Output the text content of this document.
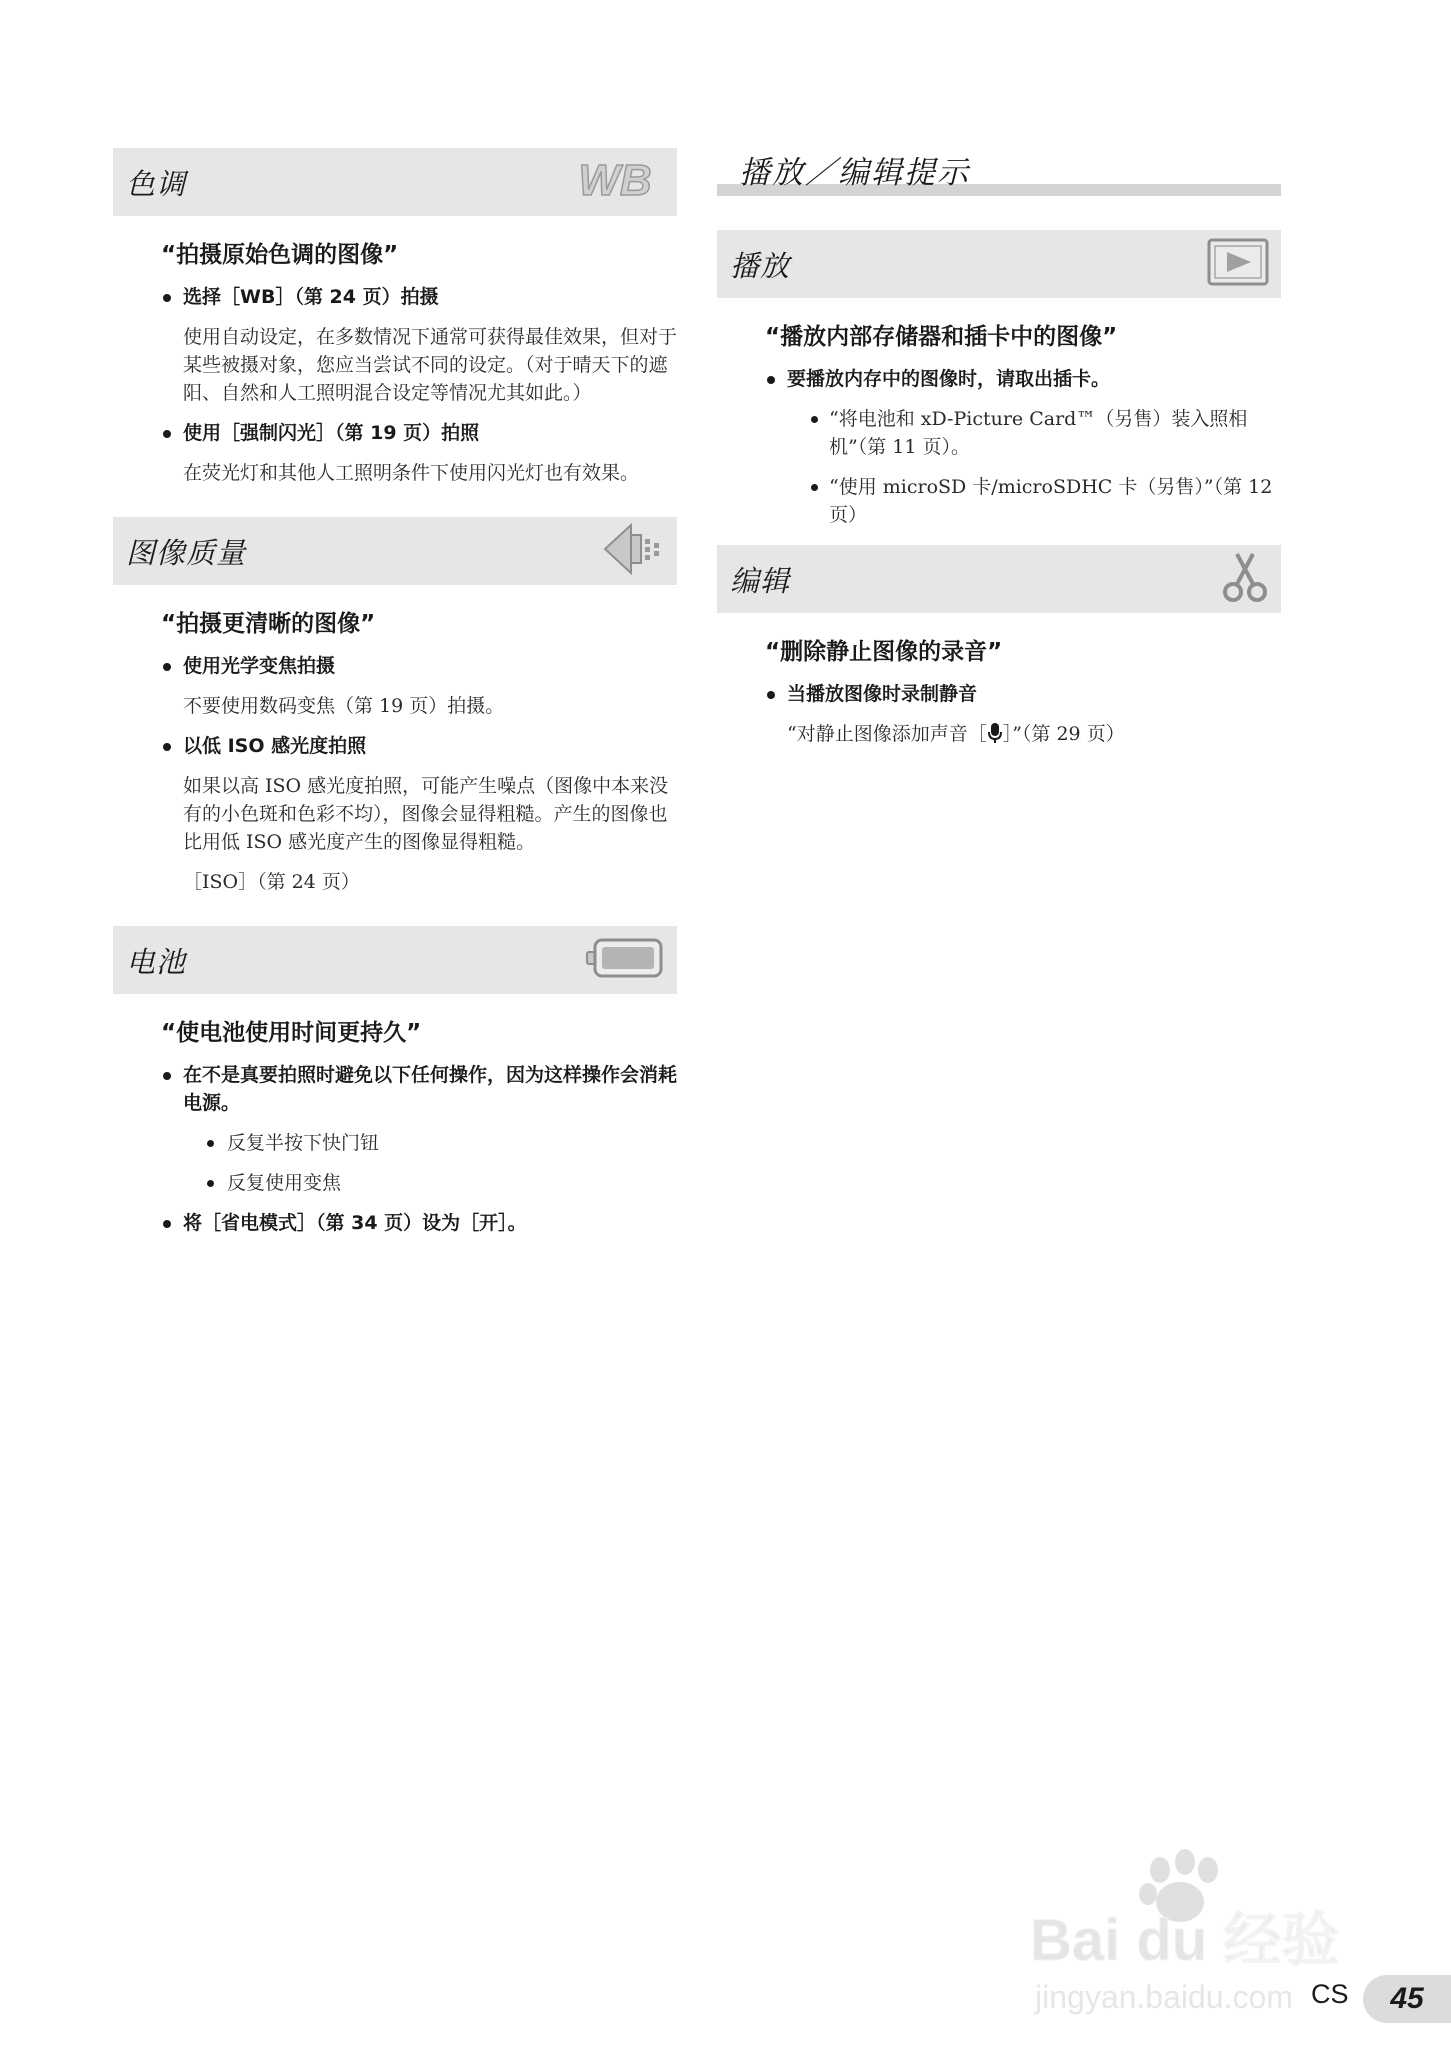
色调	WB
“拍摄原始色调的图像”
选择［WB］（第 24 页）拍摄
使用自动设定，在多数情况下通常可获得最佳效果，但对于某些被摄对象，您应当尝试不同的设定。（对于晴天下的遮阳、自然和人工照明混合设定等情况尤其如此。）
使用［强制闪光］（第 19 页）拍照
在荧光灯和其他人工照明条件下使用闪光灯也有效果。
图像质量
“拍摄更清晰的图像”
使用光学变焦拍摄
不要使用数码变焦（第 19 页）拍摄。
以低 ISO 感光度拍照
如果以高 ISO 感光度拍照，可能产生噪点（图像中本来没有的小色斑和色彩不均），图像会显得粗糙。产生的图像也比用低 ISO 感光度产生的图像显得粗糙。
［ISO］（第 24 页）
电池
“使电池使用时间更持久”
在不是真要拍照时避免以下任何操作，因为这样操作会消耗电源。
反复半按下快门钮
反复使用变焦
将［省电模式］（第 34 页）设为［开］。
播放／编辑提示
播放
“播放内部存储器和插卡中的图像”
要播放内存中的图像时，请取出插卡。
“将电池和 xD-Picture Card™（另售）装入照相机”（第 11 页）。
“使用 microSD 卡/microSDHC 卡（另售）”（第 12 页）
编辑
“删除静止图像的录音”
当播放图像时录制静音
“对静止图像添加声音［ ］”（第 29 页）
Bai du 经验
jingyan.baidu.com CS	45
